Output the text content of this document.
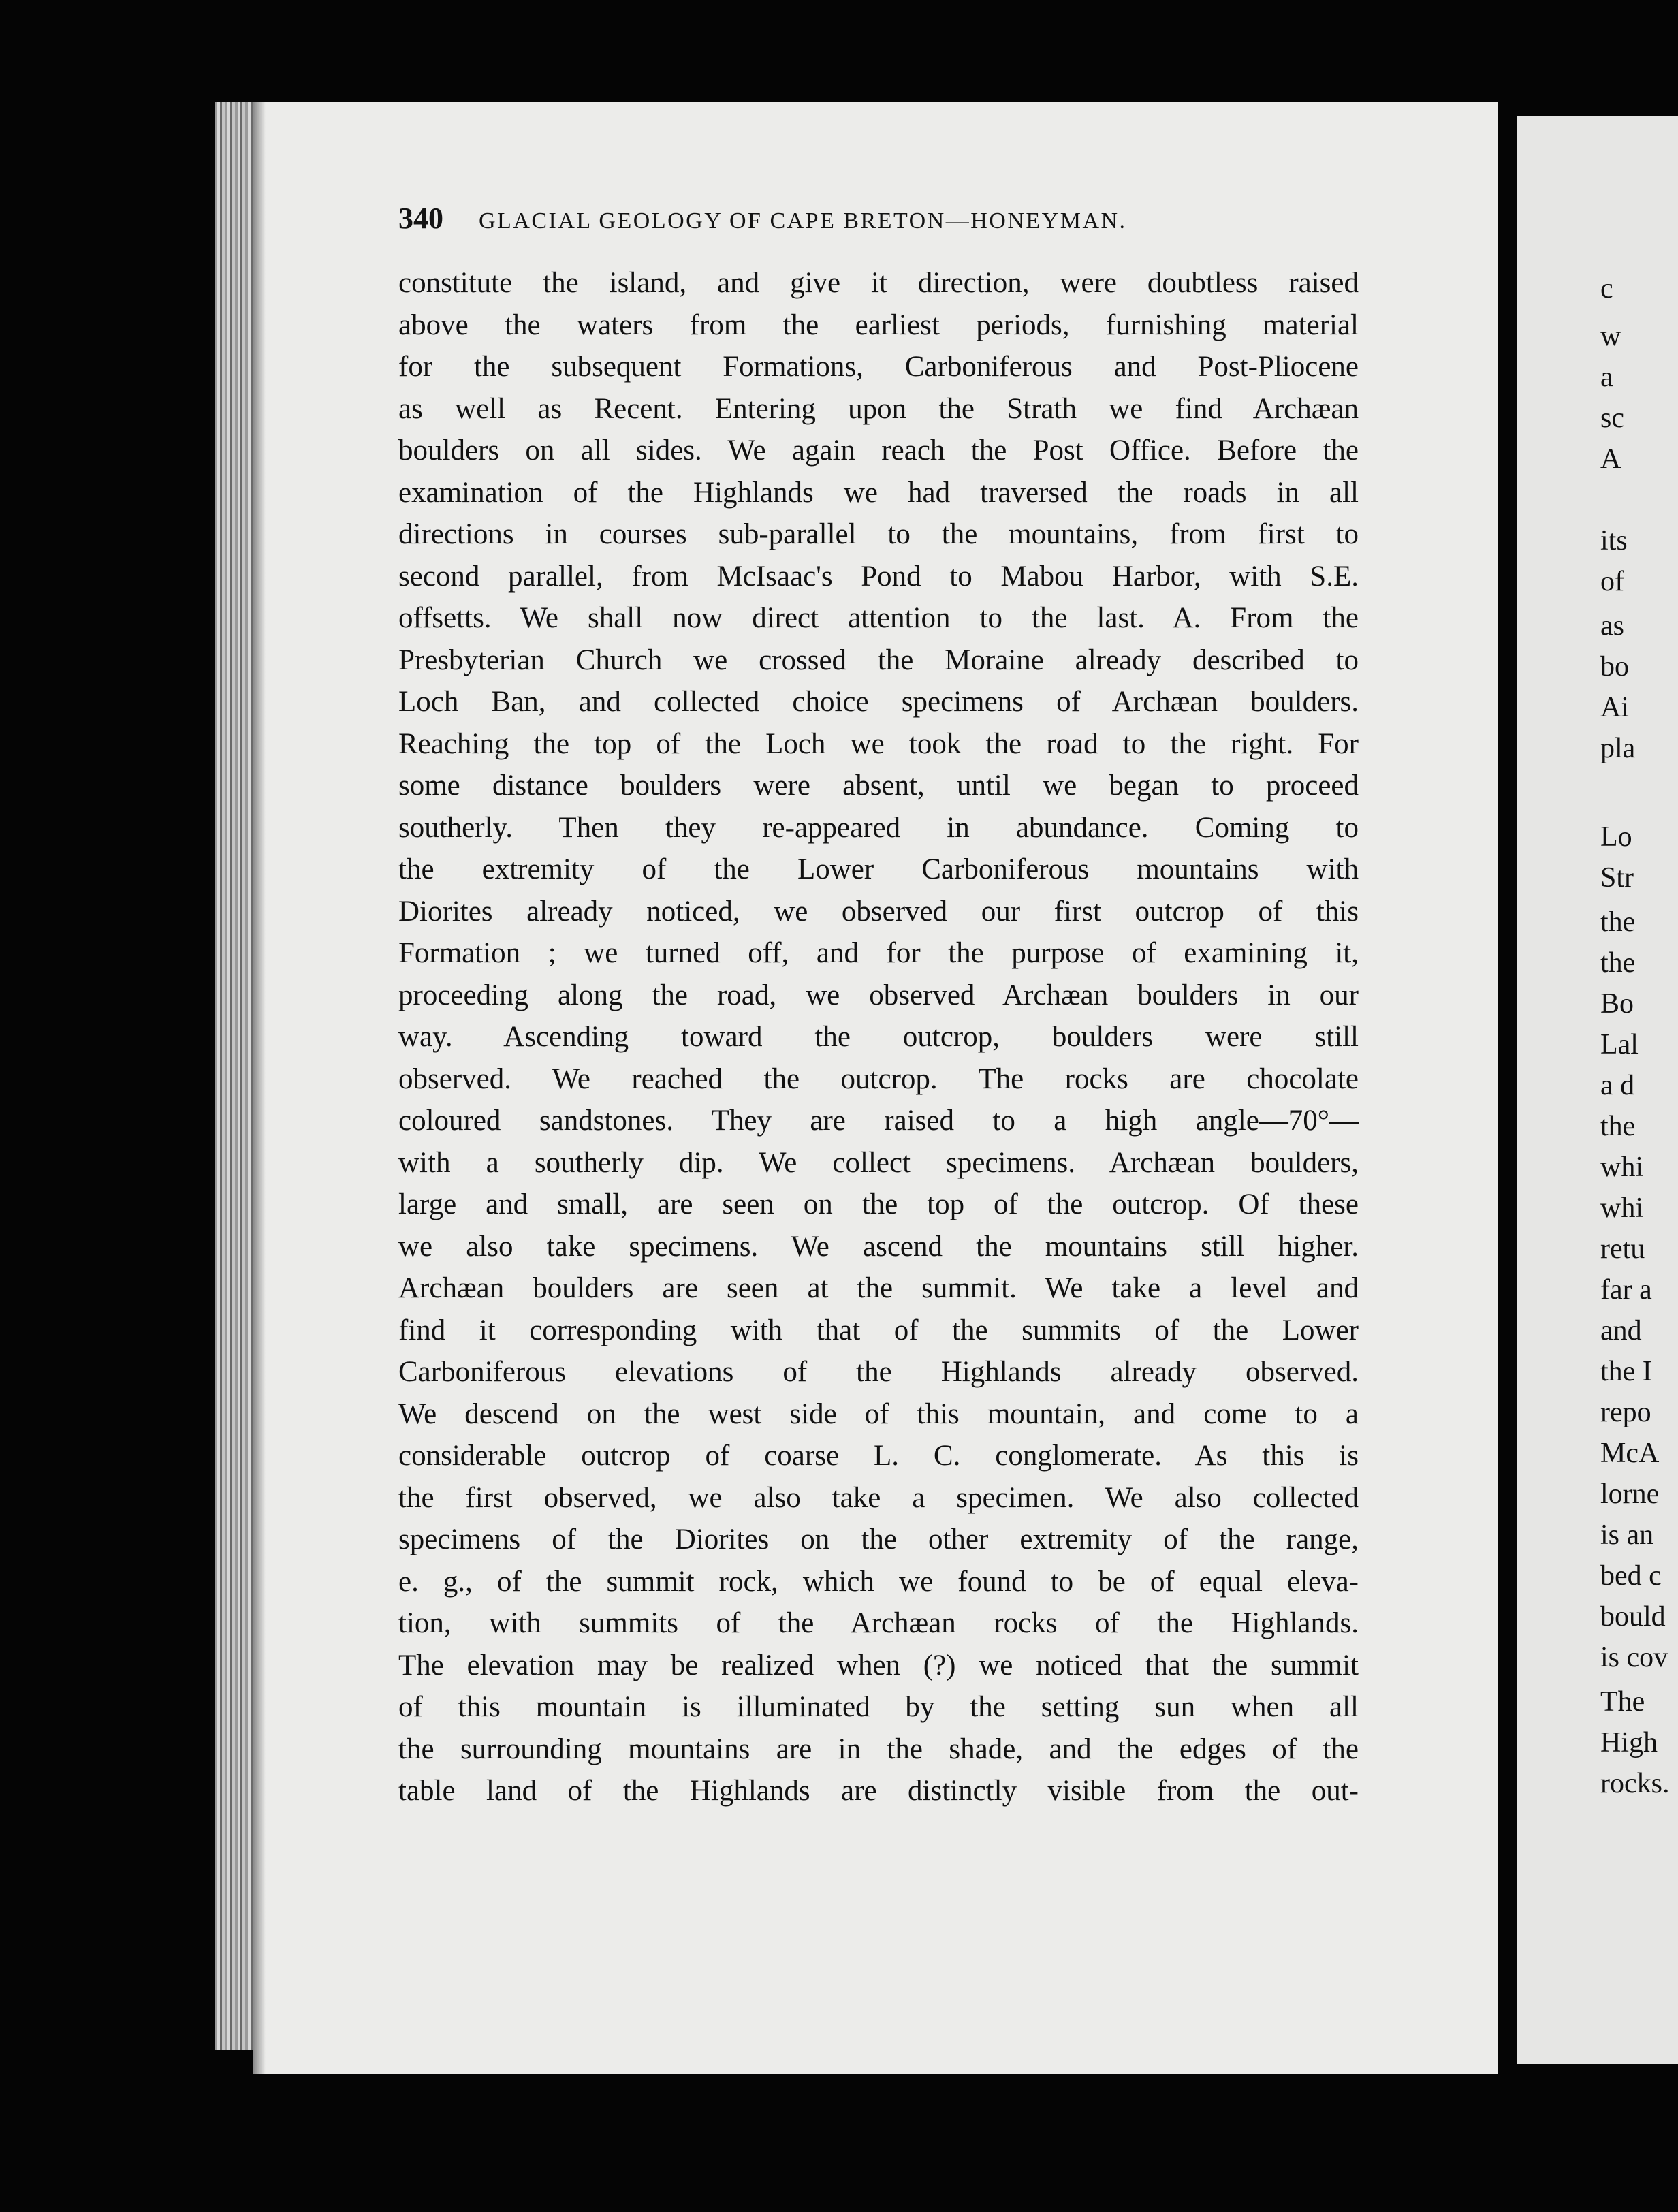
340 GLACIAL GEOLOGY OF CAPE BRETON—HONEYMAN.
constitute the island, and give it direction, were doubtless raised
above the waters from the earliest periods, furnishing material
for the subsequent Formations, Carboniferous and Post-Pliocene
as well as Recent. Entering upon the Strath we find Archæan
boulders on all sides. We again reach the Post Office. Before the
examination of the Highlands we had traversed the roads in all
directions in courses sub-parallel to the mountains, from first to
second parallel, from McIsaac's Pond to Mabou Harbor, with S.E.
offsetts. We shall now direct attention to the last. A. From the
Presbyterian Church we crossed the Moraine already described to
Loch Ban, and collected choice specimens of Archæan boulders.
Reaching the top of the Loch we took the road to the right. For
some distance boulders were absent, until we began to proceed
southerly. Then they re-appeared in abundance. Coming to
the extremity of the Lower Carboniferous mountains with
Diorites already noticed, we observed our first outcrop of this
Formation ; we turned off, and for the purpose of examining it,
proceeding along the road, we observed Archæan boulders in our
way. Ascending toward the outcrop, boulders were still
observed. We reached the outcrop. The rocks are chocolate
coloured sandstones. They are raised to a high angle—70°—
with a southerly dip. We collect specimens. Archæan boulders,
large and small, are seen on the top of the outcrop. Of these
we also take specimens. We ascend the mountains still higher.
Archæan boulders are seen at the summit. We take a level and
find it corresponding with that of the summits of the Lower
Carboniferous elevations of the Highlands already observed.
We descend on the west side of this mountain, and come to a
considerable outcrop of coarse L. C. conglomerate. As this is
the first observed, we also take a specimen. We also collected
specimens of the Diorites on the other extremity of the range,
e. g., of the summit rock, which we found to be of equal eleva-
tion, with summits of the Archæan rocks of the Highlands.
The elevation may be realized when (?) we noticed that the summit
of this mountain is illuminated by the setting sun when all
the surrounding mountains are in the shade, and the edges of the
table land of the Highlands are distinctly visible from the out-
c
w
a
sc
A
its
of
as
bo
Ai
pla
Lo
Str
the
the
Bo
Lal
a d
the
whi
whi
retu
far a
and
the I
repo
McA
lorne
is an
bed c
bould
is cov
The
High
rocks.
